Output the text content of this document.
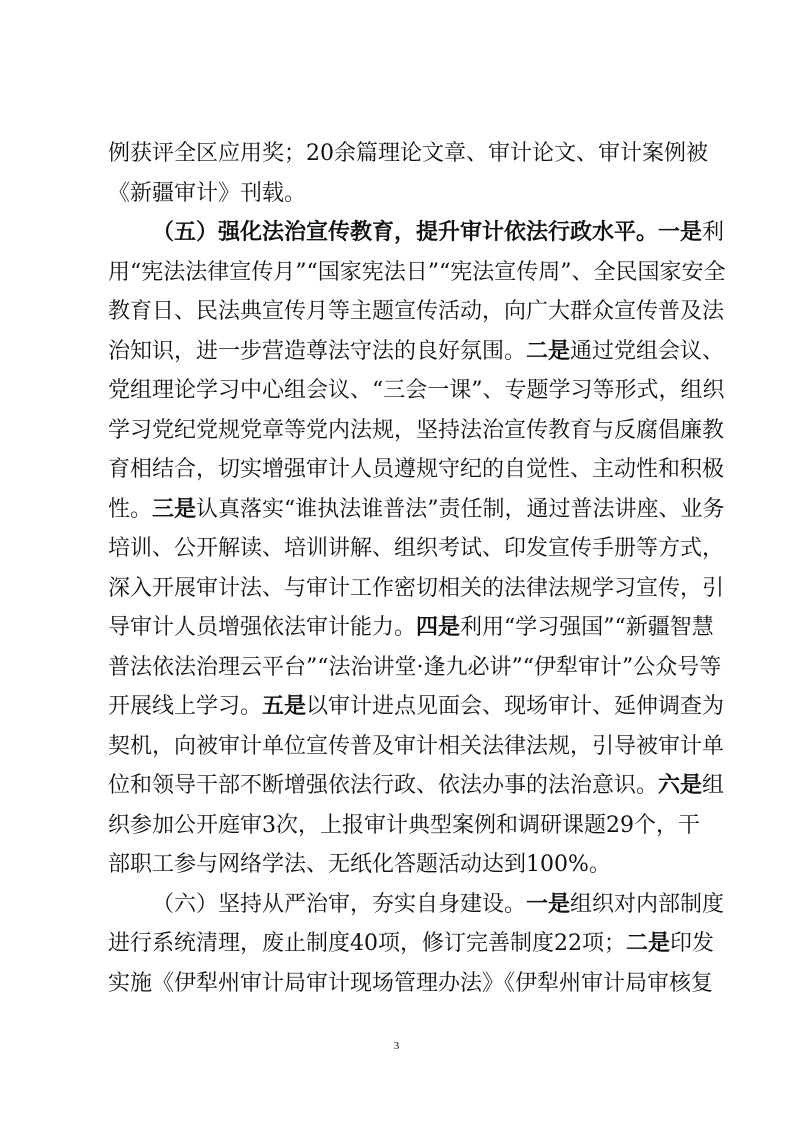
例获评全区应用奖；20余篇理论文章、审计论文、审计案例被
《新疆审计》刊载。
（五）强化法治宣传教育，提升审计依法行政水平。一是利
用“宪法法律宣传月”“国家宪法日”“宪法宣传周”、全民国家安全
教育日、民法典宣传月等主题宣传活动，向广大群众宣传普及法
治知识，进一步营造尊法守法的良好氛围。二是通过党组会议、
党组理论学习中心组会议、“三会一课”、专题学习等形式，组织
学习党纪党规党章等党内法规，坚持法治宣传教育与反腐倡廉教
育相结合，切实增强审计人员遵规守纪的自觉性、主动性和积极
性。三是认真落实“谁执法谁普法”责任制，通过普法讲座、业务
培训、公开解读、培训讲解、组织考试、印发宣传手册等方式，
深入开展审计法、与审计工作密切相关的法律法规学习宣传，引
导审计人员增强依法审计能力。四是利用“学习强国”“新疆智慧
普法依法治理云平台”“法治讲堂·逢九必讲”“伊犁审计”公众号等
开展线上学习。五是以审计进点见面会、现场审计、延伸调查为
契机，向被审计单位宣传普及审计相关法律法规，引导被审计单
位和领导干部不断增强依法行政、依法办事的法治意识。六是组
织参加公开庭审3次，上报审计典型案例和调研课题29个，干
部职工参与网络学法、无纸化答题活动达到100%。
（六）坚持从严治审，夯实自身建设。一是组织对内部制度
进行系统清理，废止制度40项，修订完善制度22项；二是印发
实施《伊犁州审计局审计现场管理办法》《伊犁州审计局审核复
3
